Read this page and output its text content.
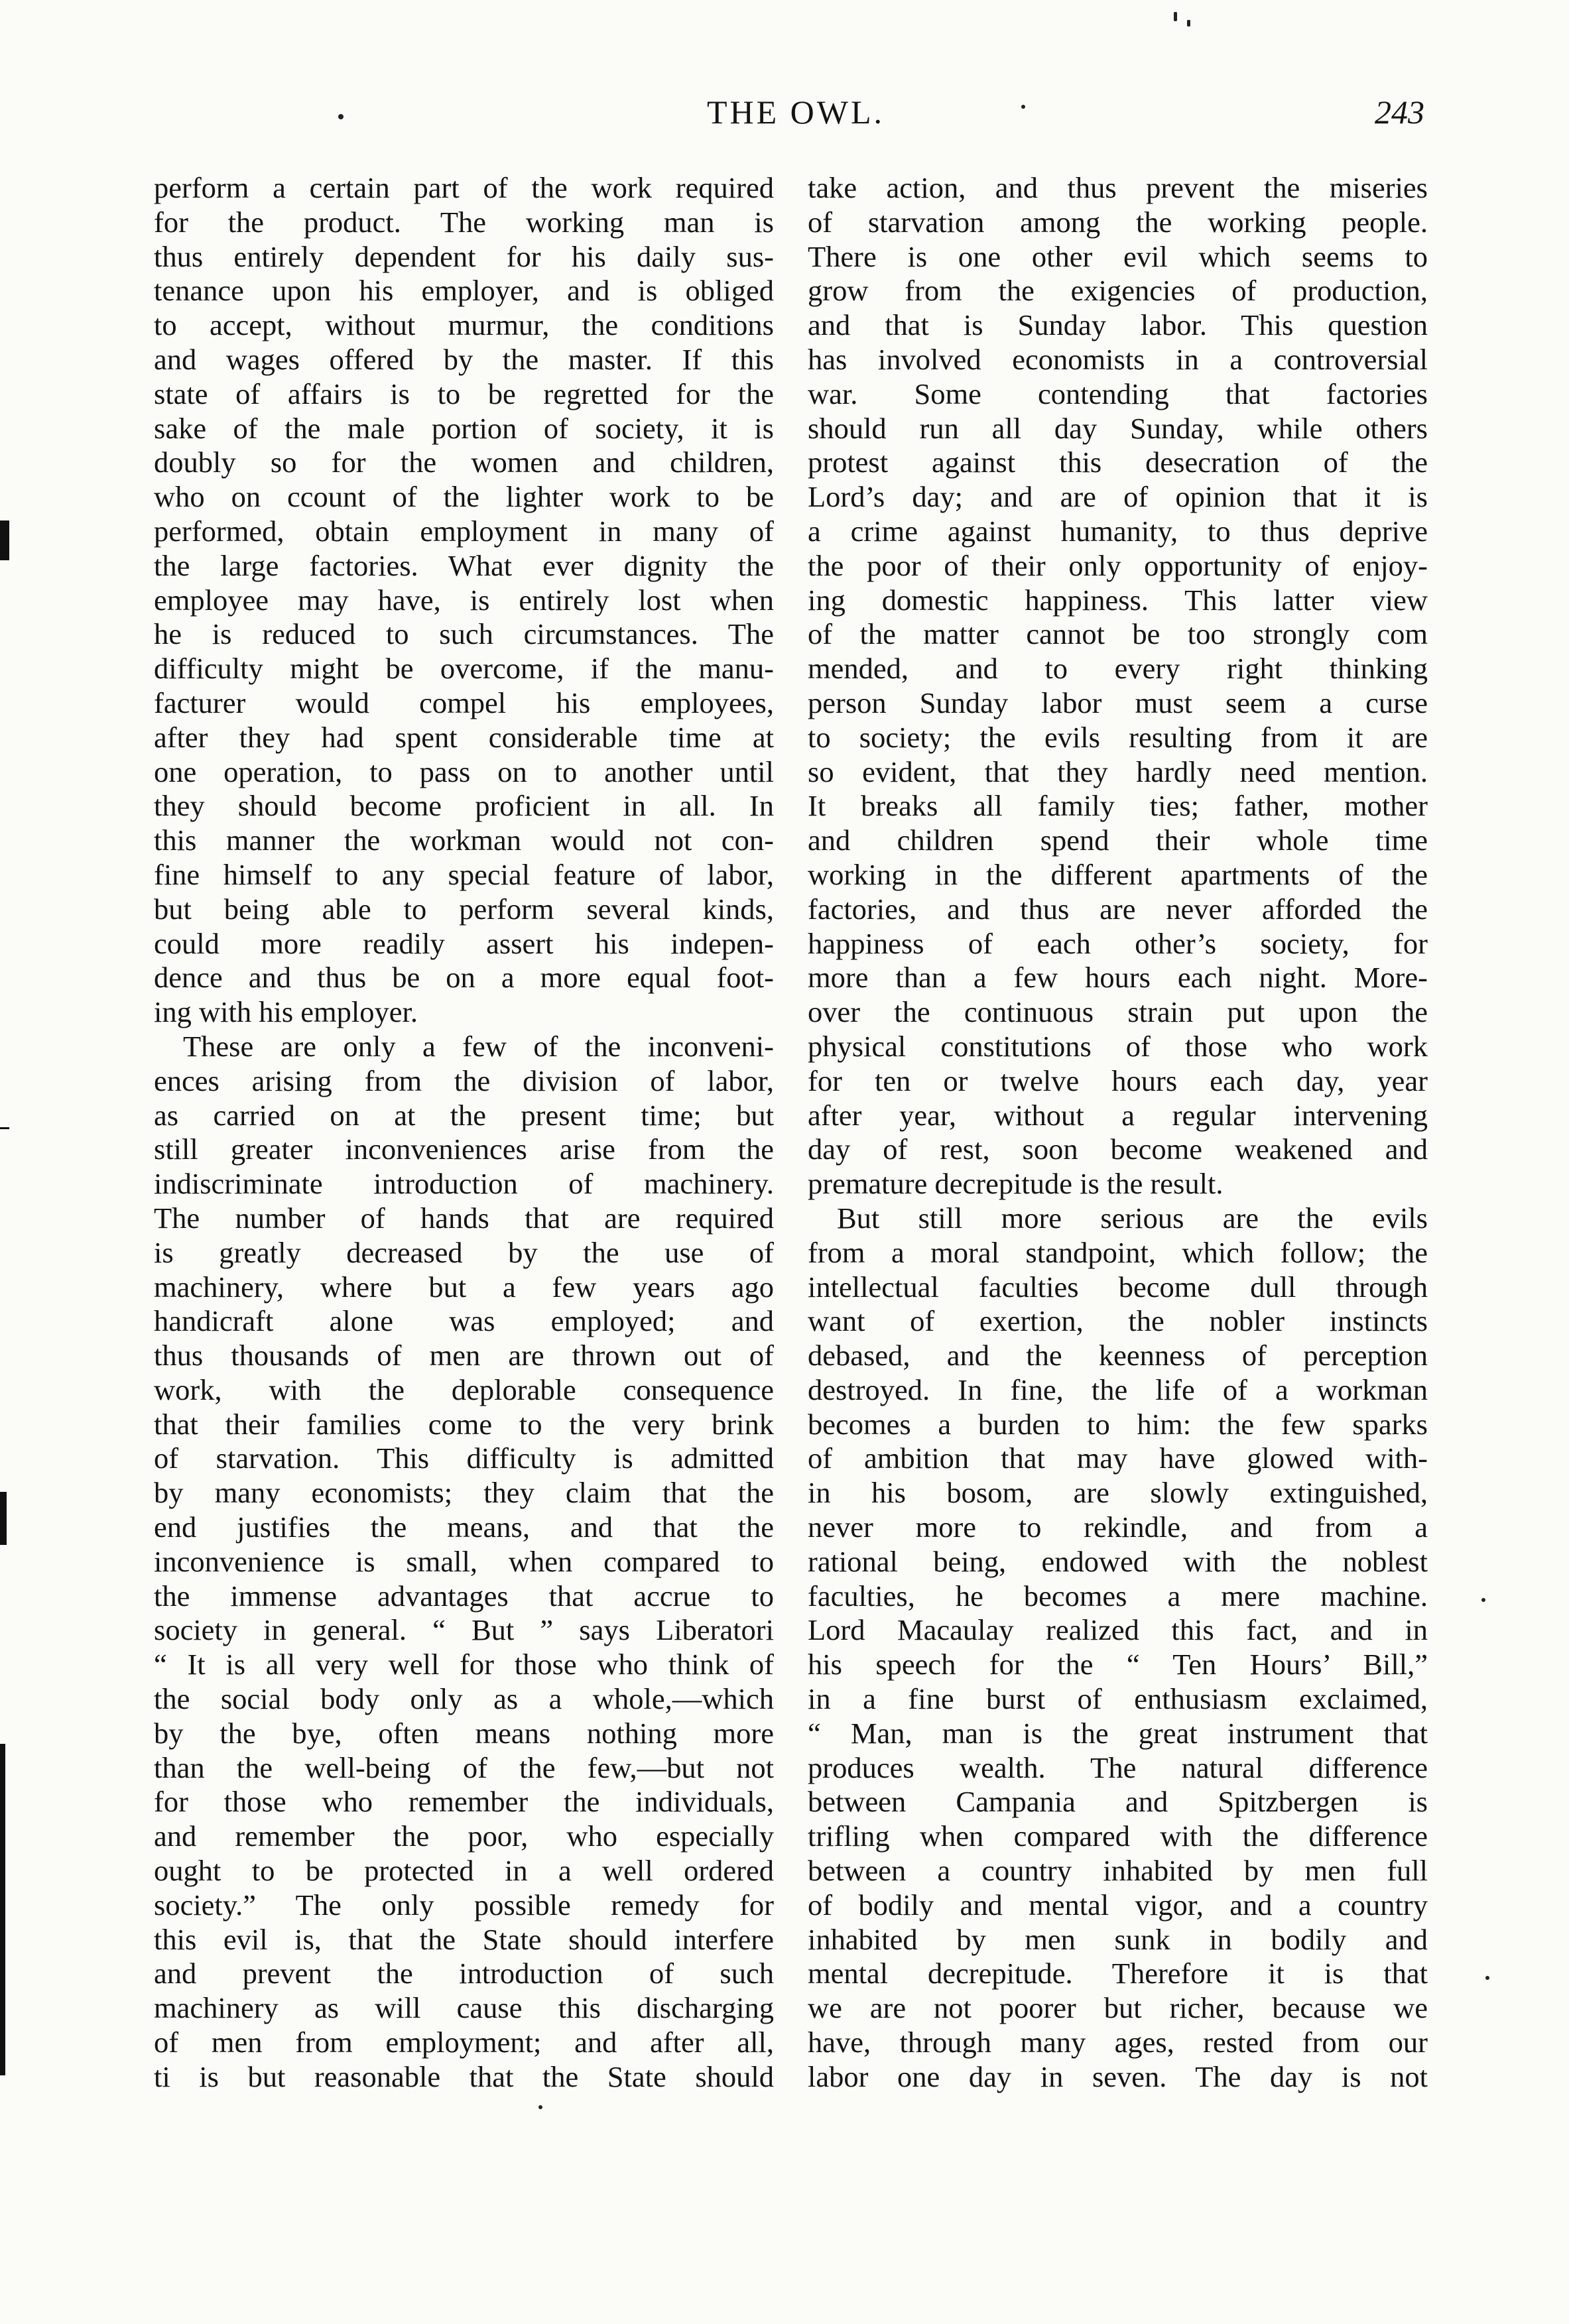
THE OWL.	243
perform a certain part of the work required
for the product. The working man is
thus entirely dependent for his daily sus-
tenance upon his employer, and is obliged
to accept, without murmur, the conditions
and wages offered by the master. If this
state of affairs is to be regretted for the
sake of the male portion of society, it is
doubly so for the women and children,
who on ccount of the lighter work to be
performed, obtain employment in many of
the large factories. What ever dignity the
employee may have, is entirely lost when
he is reduced to such circumstances. The
difficulty might be overcome, if the manu-
facturer would compel his employees,
after they had spent considerable time at
one operation, to pass on to another until
they should become proficient in all. In
this manner the workman would not con-
fine himself to any special feature of labor,
but being able to perform several kinds,
could more readily assert his indepen-
dence and thus be on a more equal foot-
ing with his employer.
These are only a few of the inconveni-
ences arising from the division of labor,
as carried on at the present time; but
still greater inconveniences arise from the
indiscriminate introduction of machinery.
The number of hands that are required
is greatly decreased by the use of
machinery, where but a few years ago
handicraft alone was employed; and
thus thousands of men are thrown out of
work, with the deplorable consequence
that their families come to the very brink
of starvation. This difficulty is admitted
by many economists; they claim that the
end justifies the means, and that the
inconvenience is small, when compared to
the immense advantages that accrue to
society in general. “ But ” says Liberatori
“ It is all very well for those who think of
the social body only as a whole,—which
by the bye, often means nothing more
than the well-being of the few,—but not
for those who remember the individuals,
and remember the poor, who especially
ought to be protected in a well ordered
society.” The only possible remedy for
this evil is, that the State should interfere
and prevent the introduction of such
machinery as will cause this discharging
of men from employment; and after all,
ti is but reasonable that the State should
take action, and thus prevent the miseries
of starvation among the working people.
There is one other evil which seems to
grow from the exigencies of production,
and that is Sunday labor. This question
has involved economists in a controversial
war. Some contending that factories
should run all day Sunday, while others
protest against this desecration of the
Lord’s day; and are of opinion that it is
a crime against humanity, to thus deprive
the poor of their only opportunity of enjoy-
ing domestic happiness. This latter view
of the matter cannot be too strongly com
mended, and to every right thinking
person Sunday labor must seem a curse
to society; the evils resulting from it are
so evident, that they hardly need mention.
It breaks all family ties; father, mother
and children spend their whole time
working in the different apartments of the
factories, and thus are never afforded the
happiness of each other’s society, for
more than a few hours each night. More-
over the continuous strain put upon the
physical constitutions of those who work
for ten or twelve hours each day, year
after year, without a regular intervening
day of rest, soon become weakened and
premature decrepitude is the result.
But still more serious are the evils
from a moral standpoint, which follow; the
intellectual faculties become dull through
want of exertion, the nobler instincts
debased, and the keenness of perception
destroyed. In fine, the life of a workman
becomes a burden to him: the few sparks
of ambition that may have glowed with-
in his bosom, are slowly extinguished,
never more to rekindle, and from a
rational being, endowed with the noblest
faculties, he becomes a mere machine.
Lord Macaulay realized this fact, and in
his speech for the “ Ten Hours’ Bill,”
in a fine burst of enthusiasm exclaimed,
“ Man, man is the great instrument that
produces wealth. The natural difference
between Campania and Spitzbergen is
trifling when compared with the difference
between a country inhabited by men full
of bodily and mental vigor, and a country
inhabited by men sunk in bodily and
mental decrepitude. Therefore it is that
we are not poorer but richer, because we
have, through many ages, rested from our
labor one day in seven. The day is not
